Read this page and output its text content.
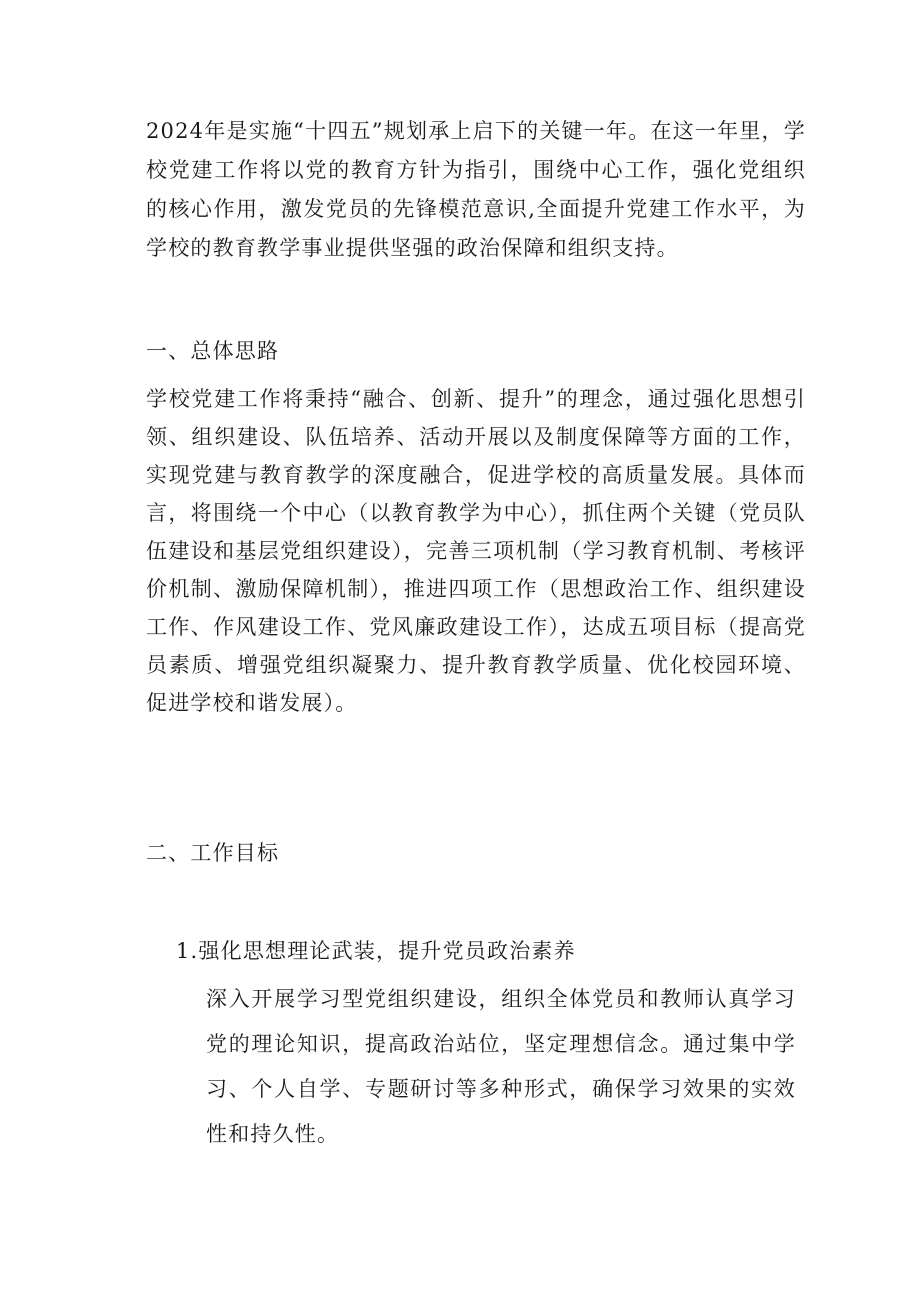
2024年是实施“十四五”规划承上启下的关键一年。在这一年里，学校党建工作将以党的教育方针为指引，围绕中心工作，强化党组织的核心作用，激发党员的先锋模范意识,全面提升党建工作水平，为学校的教育教学事业提供坚强的政治保障和组织支持。

一、总体思路

学校党建工作将秉持“融合、创新、提升”的理念，通过强化思想引领、组织建设、队伍培养、活动开展以及制度保障等方面的工作，实现党建与教育教学的深度融合，促进学校的高质量发展。具体而言，将围绕一个中心（以教育教学为中心），抓住两个关键（党员队伍建设和基层党组织建设），完善三项机制（学习教育机制、考核评价机制、激励保障机制），推进四项工作（思想政治工作、组织建设工作、作风建设工作、党风廉政建设工作），达成五项目标（提高党员素质、增强党组织凝聚力、提升教育教学质量、优化校园环境、促进学校和谐发展）。

二、工作目标

1.强化思想理论武装，提升党员政治素养

深入开展学习型党组织建设，组织全体党员和教师认真学习党的理论知识，提高政治站位，坚定理想信念。通过集中学习、个人自学、专题研讨等多种形式，确保学习效果的实效性和持久性。
